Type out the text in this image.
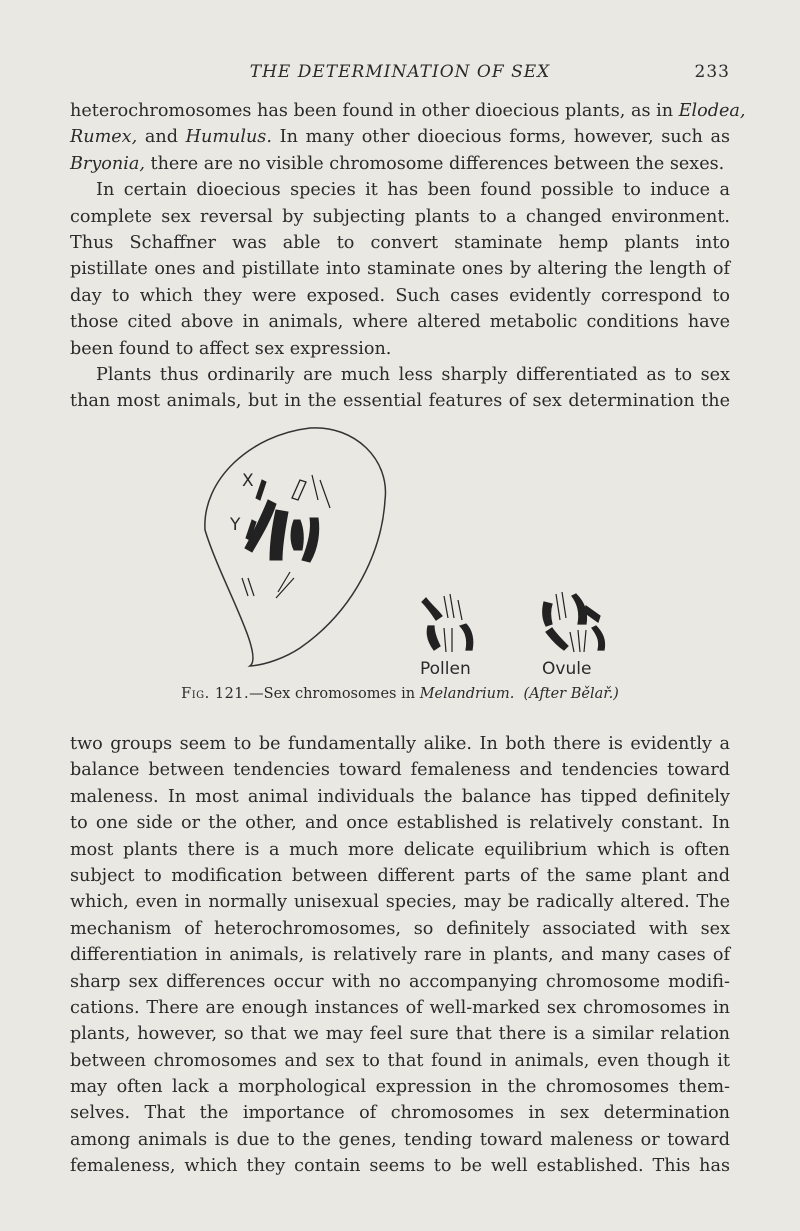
THE DETERMINATION OF SEX	233
heterochromosomes has been found in other dioecious plants, as in Elodea,
Rumex, and Humulus. In many other dioecious forms, however, such as
Bryonia, there are no visible chromosome differences between the sexes.
In certain dioecious species it has been found possible to induce a
complete sex reversal by subjecting plants to a changed environment.
Thus Schaffner was able to convert staminate hemp plants into
pistillate ones and pistillate into staminate ones by altering the length of
day to which they were exposed. Such cases evidently correspond to
those cited above in animals, where altered metabolic conditions have
been found to affect sex expression.
Plants thus ordinarily are much less sharply differentiated as to sex
than most animals, but in the essential features of sex determination the
X
Y
Pollen	Ovule
Fig. 121.—Sex chromosomes in Melandrium. (After Bělař.)
two groups seem to be fundamentally alike. In both there is evidently a
balance between tendencies toward femaleness and tendencies toward
maleness. In most animal individuals the balance has tipped definitely
to one side or the other, and once established is relatively constant. In
most plants there is a much more delicate equilibrium which is often
subject to modification between different parts of the same plant and
which, even in normally unisexual species, may be radically altered. The
mechanism of heterochromosomes, so definitely associated with sex
differentiation in animals, is relatively rare in plants, and many cases of
sharp sex differences occur with no accompanying chromosome modifi-
cations. There are enough instances of well-marked sex chromosomes in
plants, however, so that we may feel sure that there is a similar relation
between chromosomes and sex to that found in animals, even though it
may often lack a morphological expression in the chromosomes them-
selves. That the importance of chromosomes in sex determination
among animals is due to the genes, tending toward maleness or toward
femaleness, which they contain seems to be well established. This has
